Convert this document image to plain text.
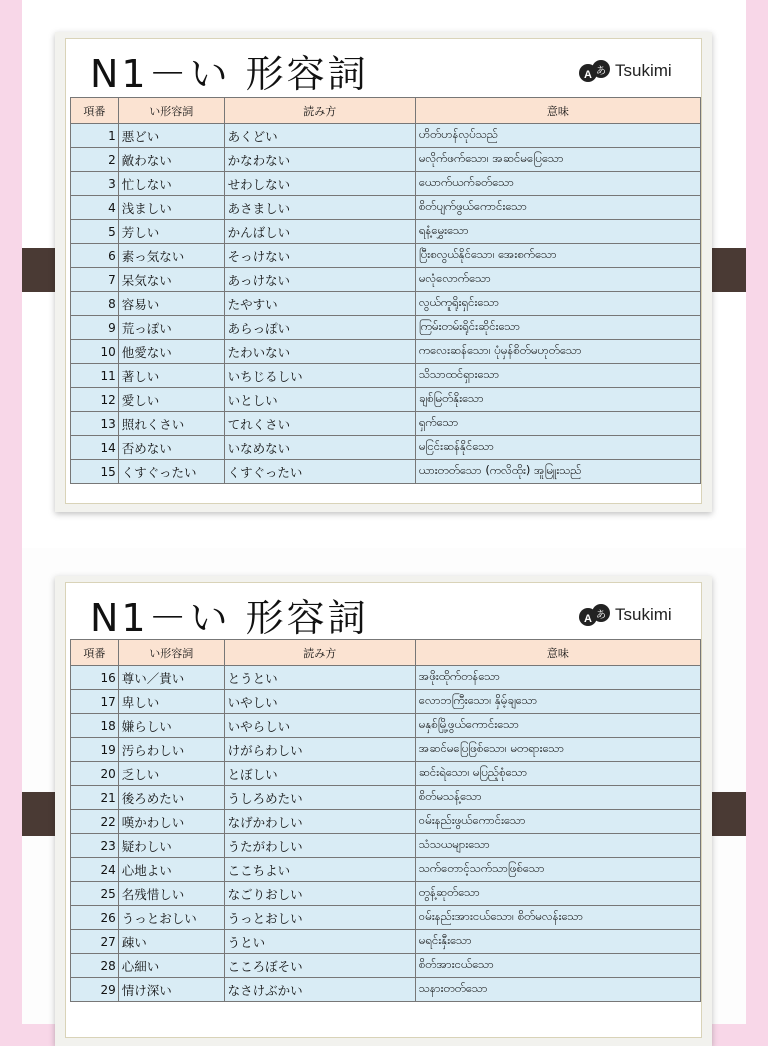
N1－い 形容詞	A あ Tsukimi
項番	い形容詞	読み方	意味
1	悪どい	あくどい	ဟိတ်ဟန်လုပ်သည်
2	敵わない	かなわない	မလိုက်ဖက်သော၊ အဆင်မပြေသော
3	忙しない	せわしない	ယောက်ယက်ခတ်သော
4	浅ましい	あさましい	စိတ်ပျက်ဖွယ်ကောင်းသော
5	芳しい	かんばしい	ရနံ့မွှေးသော
6	素っ気ない	そっけない	ပြီးစလွယ်နိုင်သော၊ အေးစက်သော
7	呆気ない	あっけない	မလုံလောက်သော
8	容易い	たやすい	လွယ်ကူရိုးရှင်းသော
9	荒っぽい	あらっぽい	ကြမ်းတမ်းရိုင်းဆိုင်းသော
10	他愛ない	たわいない	ကလေးဆန်သော၊ ပုံမှန်စိတ်မဟုတ်သော
11	著しい	いちじるしい	သိသာထင်ရှားသော
12	愛しい	いとしい	ချစ်မြတ်နိုးသော
13	照れくさい	てれくさい	ရှက်သော
14	否めない	いなめない	မငြင်းဆန်နိုင်သော
15	くすぐったい	くすぐったい	ယားတတ်သော (ကလိထိုး) အူမြူးသည်
N1－い 形容詞	A あ Tsukimi
項番	い形容詞	読み方	意味
16	尊い／貴い	とうとい	အဖိုးထိုက်တန်သော
17	卑しい	いやしい	လောဘကြီးသော၊ နှိမ့်ချသော
18	嫌らしい	いやらしい	မနှစ်မြို့ဖွယ်ကောင်းသော
19	汚らわしい	けがらわしい	အဆင်မပြေဖြစ်သော၊ မတရားသော
20	乏しい	とぼしい	ဆင်းရဲသော၊ မပြည့်စုံသော
21	後ろめたい	うしろめたい	စိတ်မသန့်သော
22	嘆かわしい	なげかわしい	ဝမ်းနည်းဖွယ်ကောင်းသော
23	疑わしい	うたがわしい	သံသယများသော
24	心地よい	ここちよい	သက်တောင့်သက်သာဖြစ်သော
25	名残惜しい	なごりおしい	တွန့်ဆုတ်သော
26	うっとおしい	うっとおしい	ဝမ်းနည်းအားငယ်သော၊ စိတ်မလန်းသော
27	疎い	うとい	မရင်းနှီးသော
28	心細い	こころぼそい	စိတ်အားငယ်သော
29	情け深い	なさけぶかい	သနားတတ်သော
